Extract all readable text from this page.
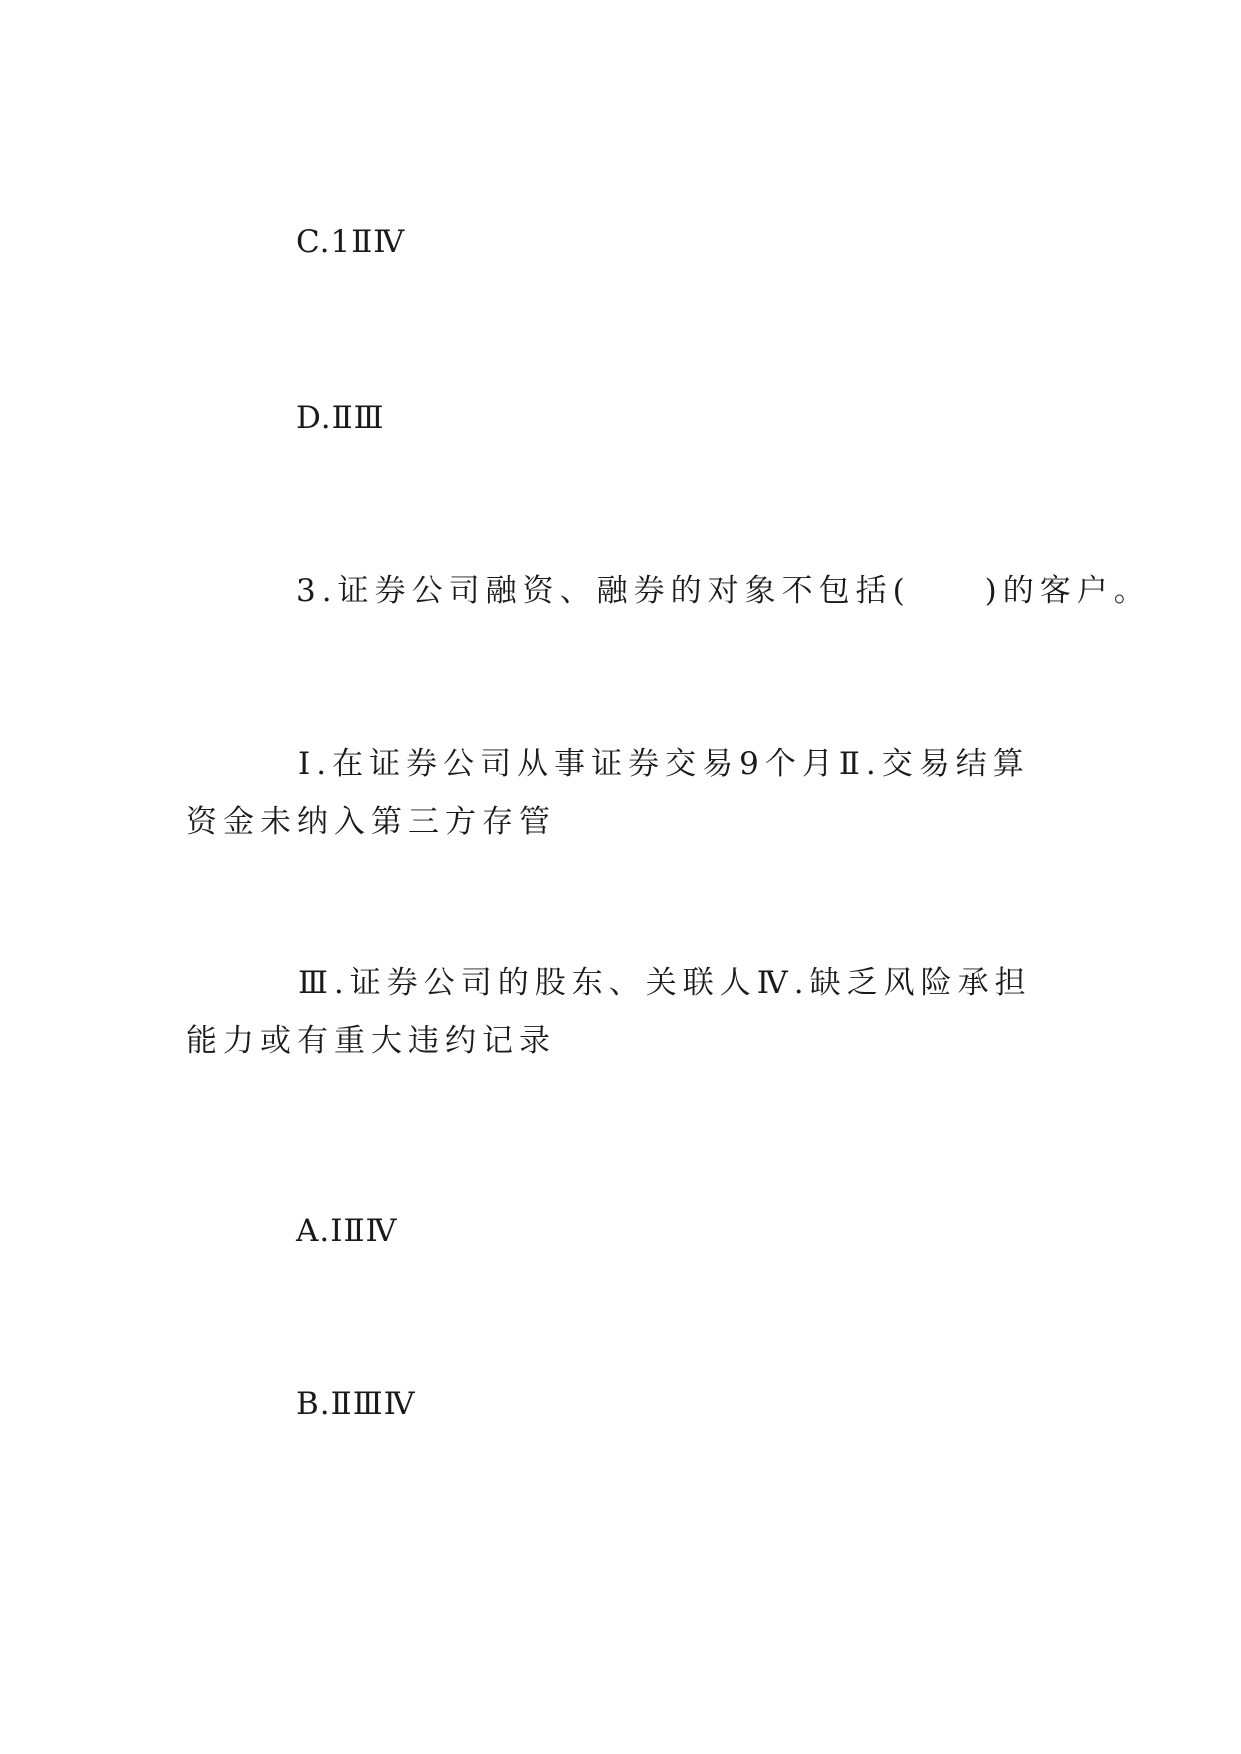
C.1ⅡⅣ
D.ⅡⅢ
3.证券公司融资、融券的对象不包括(　　)的客户。
Ⅰ.在证券公司从事证券交易9个月Ⅱ.交易结算资金未纳入第三方存管
Ⅲ.证券公司的股东、关联人Ⅳ.缺乏风险承担能力或有重大违约记录
A.ⅠⅡⅣ
B.ⅡⅢⅣ
